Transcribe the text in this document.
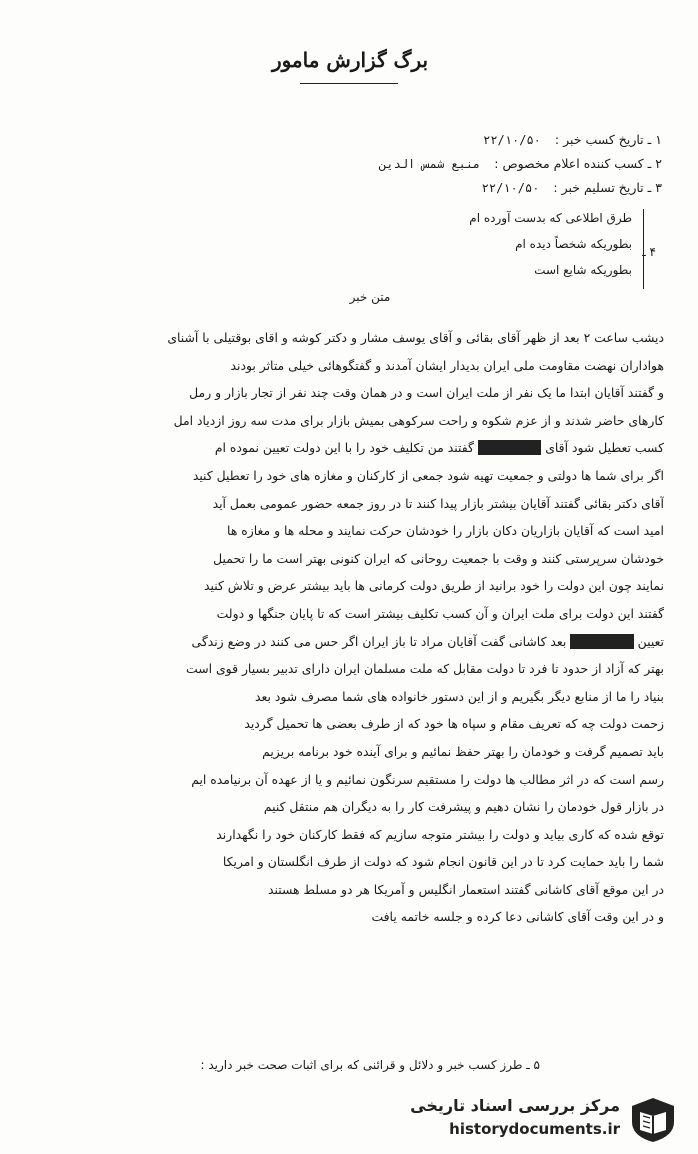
برگ گزارش مامور
۱ ـ تاریخ کسب خبر : ۲۲/۱۰/۵۰
۲ ـ کسب کننده اعلام مخصوص : منبع شمس الدین
۳ ـ تاریخ تسلیم خبر : ۲۲/۱۰/۵۰
۴ ـ
طرق اطلاعی که بدست آورده ام
بطوریکه شخصاً دیده ام
بطوریکه شایع است
متن خبر
دیشب ساعت ۲ بعد از ظهر آقای بقائی و آقای یوسف مشار و دکتر کوشه و اقای بوقتیلی با آشنای
هواداران نهضت مقاومت ملی ایران بدیدار ایشان آمدند و گفتگوهائی خیلی متاثر بودند
و گفتند آقایان ابتدا ما یک نفر از ملت ایران است و در همان وقت چند نفر از تجار بازار و رمل
کارهای حاضر شدند و از عزم شکوه و راحت سرکوهی بمیش بازار برای مدت سه روز ازدیاد امل
کسب تعطیل شود آقای XXXXXXX گفتند من تکلیف خود را با این دولت تعیین نموده ام
اگر برای شما ها دولتی و جمعیت تهیه شود جمعی از کارکنان و مغازه های خود را تعطیل کنید
آقای دکتر بقائی گفتند آقایان بیشتر بازار پیدا کنند تا در روز جمعه حضور عمومی بعمل آید
امید است که آقایان بازاریان دکان بازار را خودشان حرکت نمایند و محله ها و مغازه ها
خودشان سرپرستی کنند و وقت با جمعیت روحانی که ایران کنونی بهتر است ما را تحمیل
نمایند چون این دولت را خود برانید از طریق دولت کرمانی ها باید بیشتر عرض و تلاش کنید
گفتند این دولت برای ملت ایران و آن کسب تکلیف بیشتر است که تا پایان جنگها و دولت
تعیین XXXXXXX بعد کاشانی گفت آقایان مراد تا باز ایران اگر حس می کنند در وضع زندگی
بهتر که آزاد از حدود تا فرد تا دولت مقابل که ملت مسلمان ایران دارای تدبیر بسیار قوی است
بنیاد را ما از منابع دیگر بگیریم و از این دستور خانواده های شما مصرف شود بعد
زحمت دولت چه که تعریف مقام و سپاه ها خود که از طرف بعضی ها تحمیل گردید
باید تصمیم گرفت و خودمان را بهتر حفظ نمائیم و برای آینده خود برنامه بریزیم
رسم است که در اثر مطالب ها دولت را مستقیم سرنگون نمائیم و یا از عهده آن برنیامده ایم
در بازار قول خودمان را نشان دهیم و پیشرفت کار را به دیگران هم منتقل کنیم
توقع شده که کاری بیاید و دولت را بیشتر متوجه سازیم که فقط کارکنان خود را نگهدارند
شما را باید حمایت کرد تا در این قانون انجام شود که دولت از طرف انگلستان و امریکا
در این موقع آقای کاشانی گفتند استعمار انگلیس و آمریکا هر دو مسلط هستند
و در این وقت آقای کاشانی دعا کرده و جلسه خاتمه یافت
۵ ـ طرز کسب خبر و دلائل و قرائنی که برای اثبات صحت خبر دارید :
مرکز بررسی اسناد تاریخی
historydocuments.ir
